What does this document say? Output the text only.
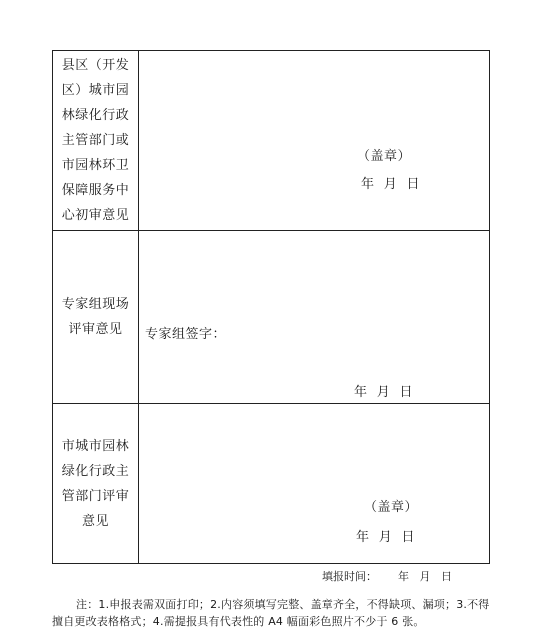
县区（开发区）城市园林绿化行政主管部门或市园林环卫保障服务中心初审意见
（盖章）
年  月  日
专家组现场评审意见	专家组签字：
年  月  日
市城市园林绿化行政主管部门评审意见
（盖章）
年  月  日
填报时间：      年   月   日
注：1.申报表需双面打印；2.内容须填写完整、盖章齐全，不得缺项、漏项；3.不得擅自更改表格格式；4.需提报具有代表性的 A4 幅面彩色照片不少于 6 张。
